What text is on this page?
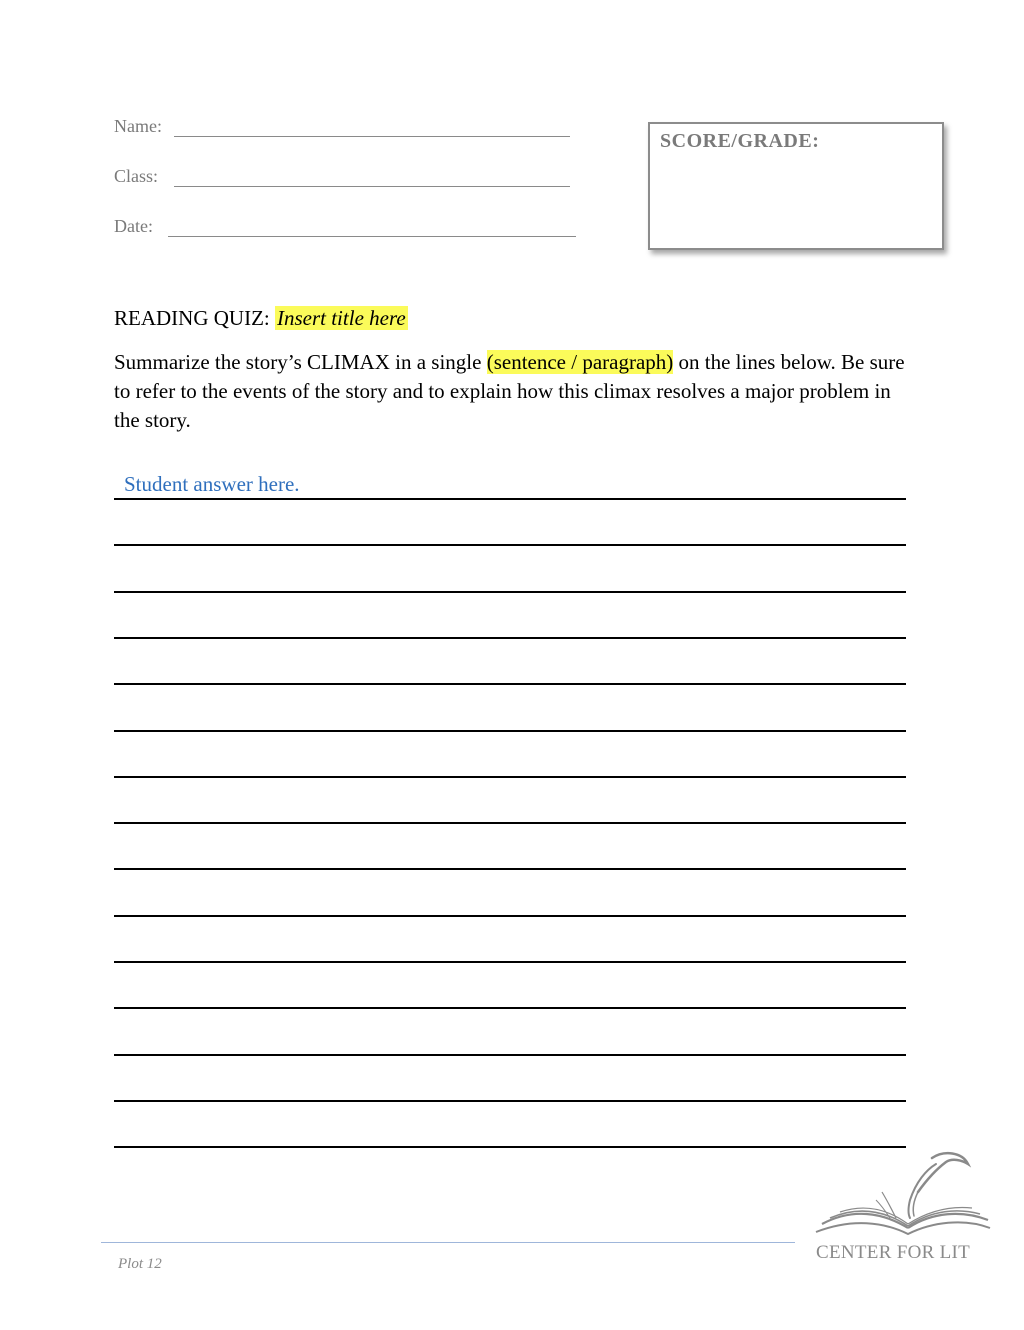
Name:
Class:
Date:
SCORE/GRADE:
READING QUIZ: Insert title here
Summarize the story’s CLIMAX in a single (sentence / paragraph) on the lines below. Be sure to refer to the events of the story and to explain how this climax resolves a major problem in the story.
Student answer here.
Plot 12
CENTER FOR LIT
